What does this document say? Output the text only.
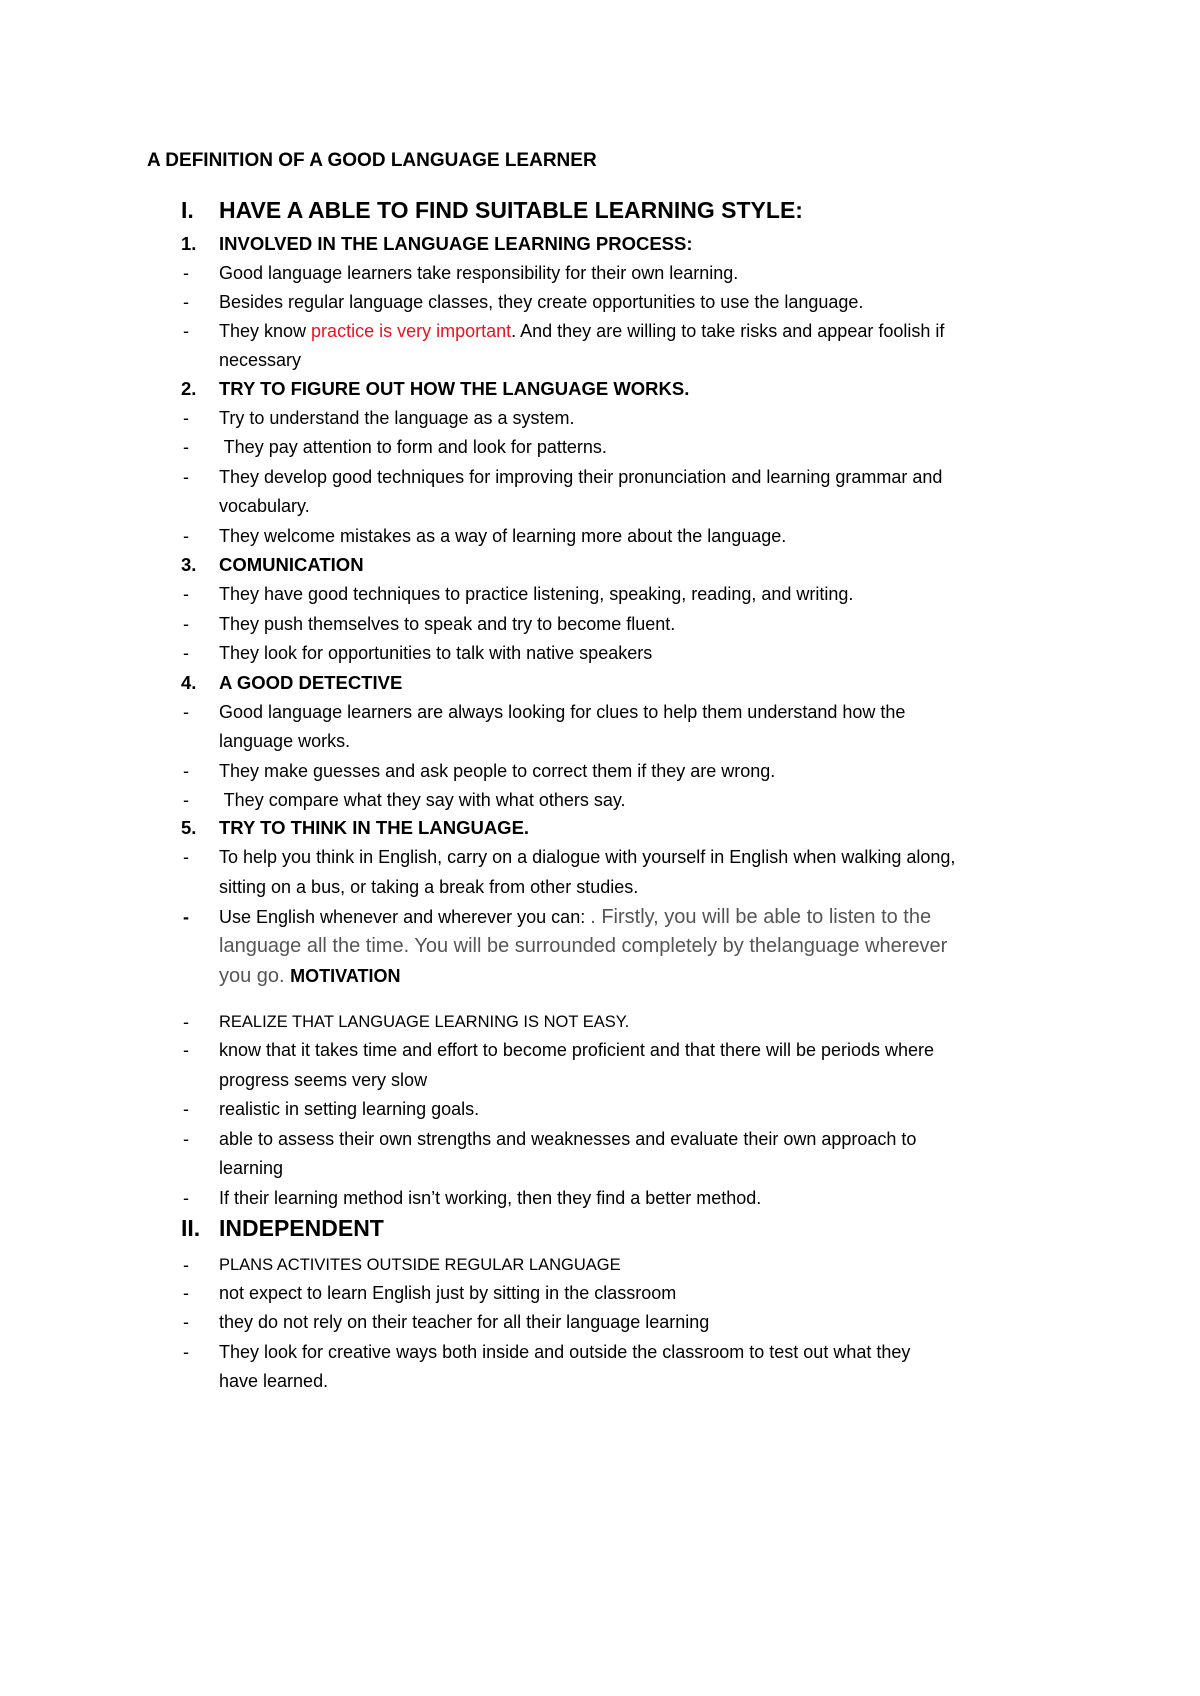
A DEFINITION OF A GOOD LANGUAGE LEARNER
I. HAVE A ABLE TO FIND SUITABLE LEARNING STYLE:
1. INVOLVED IN THE LANGUAGE LEARNING PROCESS:
- Good language learners take responsibility for their own learning.
- Besides regular language classes, they create opportunities to use the language.
- They know practice is very important. And they are willing to take risks and appear foolish if
necessary
2. TRY TO FIGURE OUT HOW THE LANGUAGE WORKS.
- Try to understand the language as a system.
- They pay attention to form and look for patterns.
- They develop good techniques for improving their pronunciation and learning grammar and
vocabulary.
- They welcome mistakes as a way of learning more about the language.
3. COMUNICATION
- They have good techniques to practice listening, speaking, reading, and writing.
- They push themselves to speak and try to become fluent.
- They look for opportunities to talk with native speakers
4. A GOOD DETECTIVE
- Good language learners are always looking for clues to help them understand how the
language works.
- They make guesses and ask people to correct them if they are wrong.
- They compare what they say with what others say.
5. TRY TO THINK IN THE LANGUAGE.
- To help you think in English, carry on a dialogue with yourself in English when walking along,
sitting on a bus, or taking a break from other studies.
- Use English whenever and wherever you can: . Firstly, you will be able to listen to the
language all the time. You will be surrounded completely by thelanguage wherever
you go. MOTIVATION
- REALIZE THAT LANGUAGE LEARNING IS NOT EASY.
- know that it takes time and effort to become proficient and that there will be periods where
progress seems very slow
- realistic in setting learning goals.
- able to assess their own strengths and weaknesses and evaluate their own approach to
learning
- If their learning method isn’t working, then they find a better method.
II. INDEPENDENT
- PLANS ACTIVITES OUTSIDE REGULAR LANGUAGE
- not expect to learn English just by sitting in the classroom
- they do not rely on their teacher for all their language learning
- They look for creative ways both inside and outside the classroom to test out what they
have learned.
